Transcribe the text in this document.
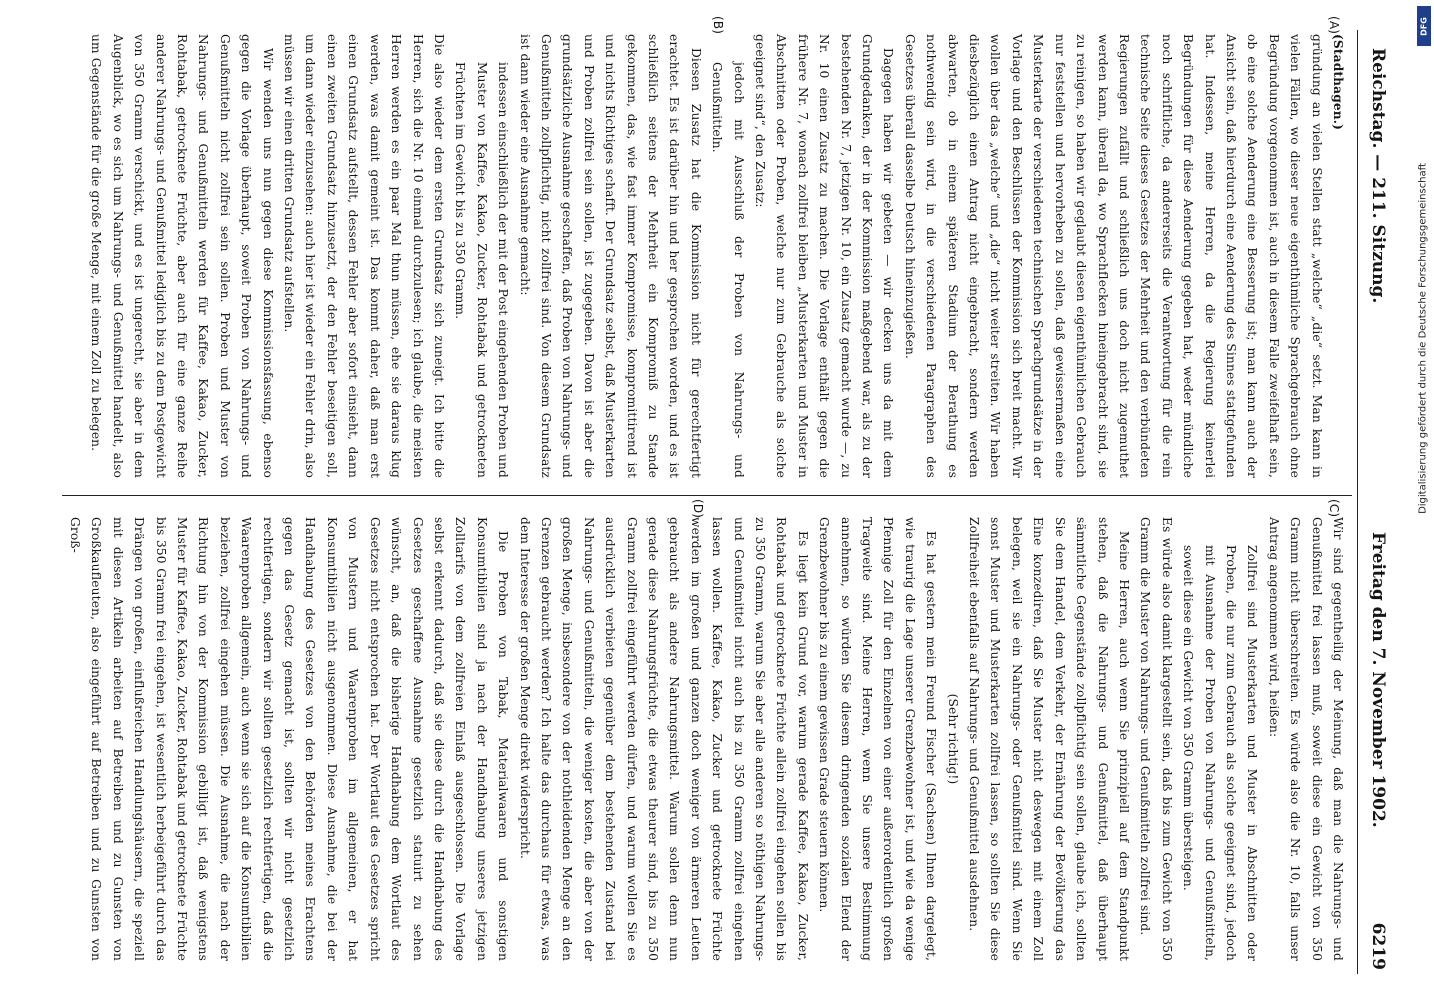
Reichstag. — 211. Sitzung.
Freitag den 7. November 1902.
6219
(A)
(B)

(Stadthagen.)

gründung an vielen Stellen statt „welche“ „die“ setzt. Man kann in vielen Fällen, wo dieser neue eigenthümliche Sprachgebrauch ohne Begründung vorgenommen ist, auch in diesem Falle zweifelhaft sein, ob eine solche Aenderung eine Besserung ist; man kann auch der Ansicht sein, daß hierdurch eine Aenderung des Sinnes stattgefunden hat. Indessen, meine Herren, da die Regierung keinerlei Begründungen für diese Aenderung gegeben hat, weder mündliche noch schriftliche, da andererseits die Verantwortung für die rein technische Seite dieses Gesetzes der Mehrheit und den verbündeten Regierungen zufällt und schließlich uns doch nicht zugemuthet werden kann, überall da, wo Sprachflecken hineingebracht sind, sie zu reinigen, so haben wir geglaubt diesen eigenthümlichen Gebrauch nur feststellen und hervorheben zu sollen, daß gewissermaßen eine Musterkarte der verschiedenen technischen Sprachgrundsätze in der Vorlage und den Beschlüssen der Kommission sich breit macht. Wir wollen über das „welche“ und „die“ nicht weiter streiten. Wir haben diesbezüglich einen Antrag nicht eingebracht, sondern werden abwarten, ob in einem späteren Stadium der Berathung es nothwendig sein wird, in die verschiedenen Paragraphen des Gesetzes überall dasselbe Deutsch hineinzugießen.

Dagegen haben wir gebeten — wir decken uns da mit dem Grundgedanken, der in der Kommission maßgebend war, als zu der bestehenden Nr. 7, jetzigen Nr. 10, ein Zusatz gemacht wurde —, zu Nr. 10 einen Zusatz zu machen. Die Vorlage enthält gegen die frühere Nr. 7, wonach zollfrei bleiben „Musterkarten und Muster in Abschnitten oder Proben, welche nur zum Gebrauche als solche geeignet sind“, den Zusatz:

jedoch mit Ausschluß der Proben von Nahrungs- und Genußmitteln.

Diesen Zusatz hat die Kommission nicht für gerechtfertigt erachtet. Es ist darüber hin und her gesprochen worden, und es ist schließlich seitens der Mehrheit ein Kompromiß zu Stande gekommen, das, wie fast immer Kompromisse, kompromittirend ist und nichts Richtiges schafft. Der Grundsatz selbst, daß Musterkarten und Proben zollfrei sein sollen, ist zugegeben. Davon ist aber die grundsätzliche Ausnahme geschaffen, daß Proben von Nahrungs- und Genußmitteln zollpflichtig, nicht zollfrei sind. Von diesem Grundsatz ist dann wieder eine Ausnahme gemacht:

indessen einschließlich der mit der Post eingehenden Proben und Muster von Kaffee, Kakao, Zucker, Rohtabak und getrockneten Früchten im Gewicht bis zu 350 Gramm.

Die also wieder dem ersten Grundsatz sich zuneigt. Ich bitte die Herren, sich die Nr. 10 einmal durchzulesen; ich glaube, die meisten Herren werden es ein paar Mal thun müssen, ehe sie daraus klug werden, was damit gemeint ist. Das kommt daher, daß man erst einen Grundsatz aufstellt, dessen Fehler aber sofort einsieht, dann einen zweiten Grundsatz hinzusetzt, der den Fehler beseitigen soll, um dann wieder einzusehen: auch hier ist wieder ein Fehler drin, also müssen wir einen dritten Grundsatz aufstellen.

Wir wenden uns nun gegen diese Kommissionsfassung, ebenso gegen die Vorlage überhaupt, soweit Proben von Nahrungs- und Genußmitteln nicht zollfrei sein sollen. Proben und Muster von Nahrungs- und Genußmitteln werden für Kaffee, Kakao, Zucker, Rohtabak, getrocknete Früchte, aber auch für eine ganze Reihe anderer Nahrungs- und Genußmittel lediglich bis zu dem Postgewicht von 350 Gramm verschickt, und es ist ungerecht, sie aber in dem Augenblick, wo es sich um Nahrungs- und Genußmittel handelt, also um Gegenstände für die große Menge, mit einem Zoll zu belegen.

(C)
(D)

Wir sind gegentheilig der Meinung, daß man die Nahrungs- und Genußmittel frei lassen muß, soweit diese ein Gewicht von 350 Gramm nicht überschreiten. Es würde also die Nr. 10, falls unser Antrag angenommen wird, heißen:

Zollfrei sind Musterkarten und Muster in Abschnitten oder Proben, die nur zum Gebrauch als solche geeignet sind, jedoch mit Ausnahme der Proben von Nahrungs- und Genußmitteln, soweit diese ein Gewicht von 350 Gramm übersteigen.

Es würde also damit klargestellt sein, daß bis zum Gewicht von 350 Gramm die Muster von Nahrungs- und Genußmitteln zollfrei sind.

Meine Herren, auch wenn Sie prinzipiell auf dem Standpunkt stehen, daß die Nahrungs- und Genußmittel, daß überhaupt sämmtliche Gegenstände zollpflichtig sein sollen, glaube ich, sollten Sie dem Handel, dem Verkehr, der Ernährung der Bevölkerung das Eine konzediren, daß Sie Muster nicht deswegen mit einem Zoll belegen, weil sie ein Nahrungs- oder Genußmittel sind. Wenn Sie sonst Muster und Musterkarten zollfrei lassen, so sollten Sie diese Zollfreiheit ebenfalls auf Nahrungs- und Genußmittel ausdehnen.

(Sehr richtig!)

Es hat gestern mein Freund Fischer (Sachsen) Ihnen dargelegt, wie traurig die Lage unserer Grenzbewohner ist, und wie da wenige Pfennige Zoll für den Einzelnen von einer außerordentlich großen Tragweite sind. Meine Herren, wenn Sie unsere Bestimmung annehmen, so würden Sie diesem dringenden sozialen Elend der Grenzbewohner bis zu einem gewissen Grade steuern können.

Es liegt kein Grund vor, warum gerade Kaffee, Kakao, Zucker, Rohtabak und getrocknete Früchte allein zollfrei eingehen sollen bis zu 350 Gramm, warum Sie aber alle anderen so nöthigen Nahrungs- und Genußmittel nicht auch bis zu 350 Gramm zollfrei eingehen lassen wollen. Kaffee, Kakao, Zucker und getrocknete Früchte werden im großen und ganzen doch weniger von ärmeren Leuten gebraucht als andere Nahrungsmittel. Warum sollen denn nun gerade diese Nahrungsfrüchte, die etwas theurer sind, bis zu 350 Gramm zollfrei eingeführt werden dürfen, und warum wollen Sie es ausdrücklich verbieten gegenüber dem bestehenden Zustand bei Nahrungs- und Genußmitteln, die weniger kosten, die aber von der großen Menge, insbesondere von der nothleidenden Menge an den Grenzen gebraucht werden? Ich halte das durchaus für etwas, was dem Interesse der großen Menge direkt widerspricht.

Die Proben von Tabak, Materialwaaren und sonstigen Konsumtibilien sind ja nach der Handhabung unseres jetzigen Zolltarifs von dem zollfreien Einlaß ausgeschlossen. Die Vorlage selbst erkennt dadurch, daß sie diese durch die Handhabung des Gesetzes geschaffene Ausnahme gesetzlich statuirt zu sehen wünscht, an, daß die bisherige Handhabung dem Wortlaut des Gesetzes nicht entsprochen hat. Der Wortlaut des Gesetzes spricht von Mustern und Waarenproben im allgemeinen, er hat Konsumtibilien nicht ausgenommen. Diese Ausnahme, die bei der Handhabung des Gesetzes von den Behörden meines Erachtens gegen das Gesetz gemacht ist, sollten wir nicht gesetzlich rechtfertigen, sondern wir sollten gesetzlich rechtfertigen, daß die Waarenproben allgemein, auch wenn sie sich auf die Konsumtibilien beziehen, zollfrei eingehen müssen. Die Ausnahme, die nach der Richtung hin von der Kommission gebilligt ist, daß wenigstens Muster für Kaffee, Kakao, Zucker, Rohtabak und getrocknete Früchte bis 350 Gramm frei eingehen, ist wesentlich herbeigeführt durch das Drängen von großen, einflußreichen Handlungshäusern, die speziell mit diesen Artikeln arbeiten auf Betreiben und zu Gunsten von Großkaufleuten, also eingeführt auf Betreiben und zu Gunsten von Groß-

DFG
Digitalisierung gefördert durch die Deutsche Forschungsgemeinschaft
